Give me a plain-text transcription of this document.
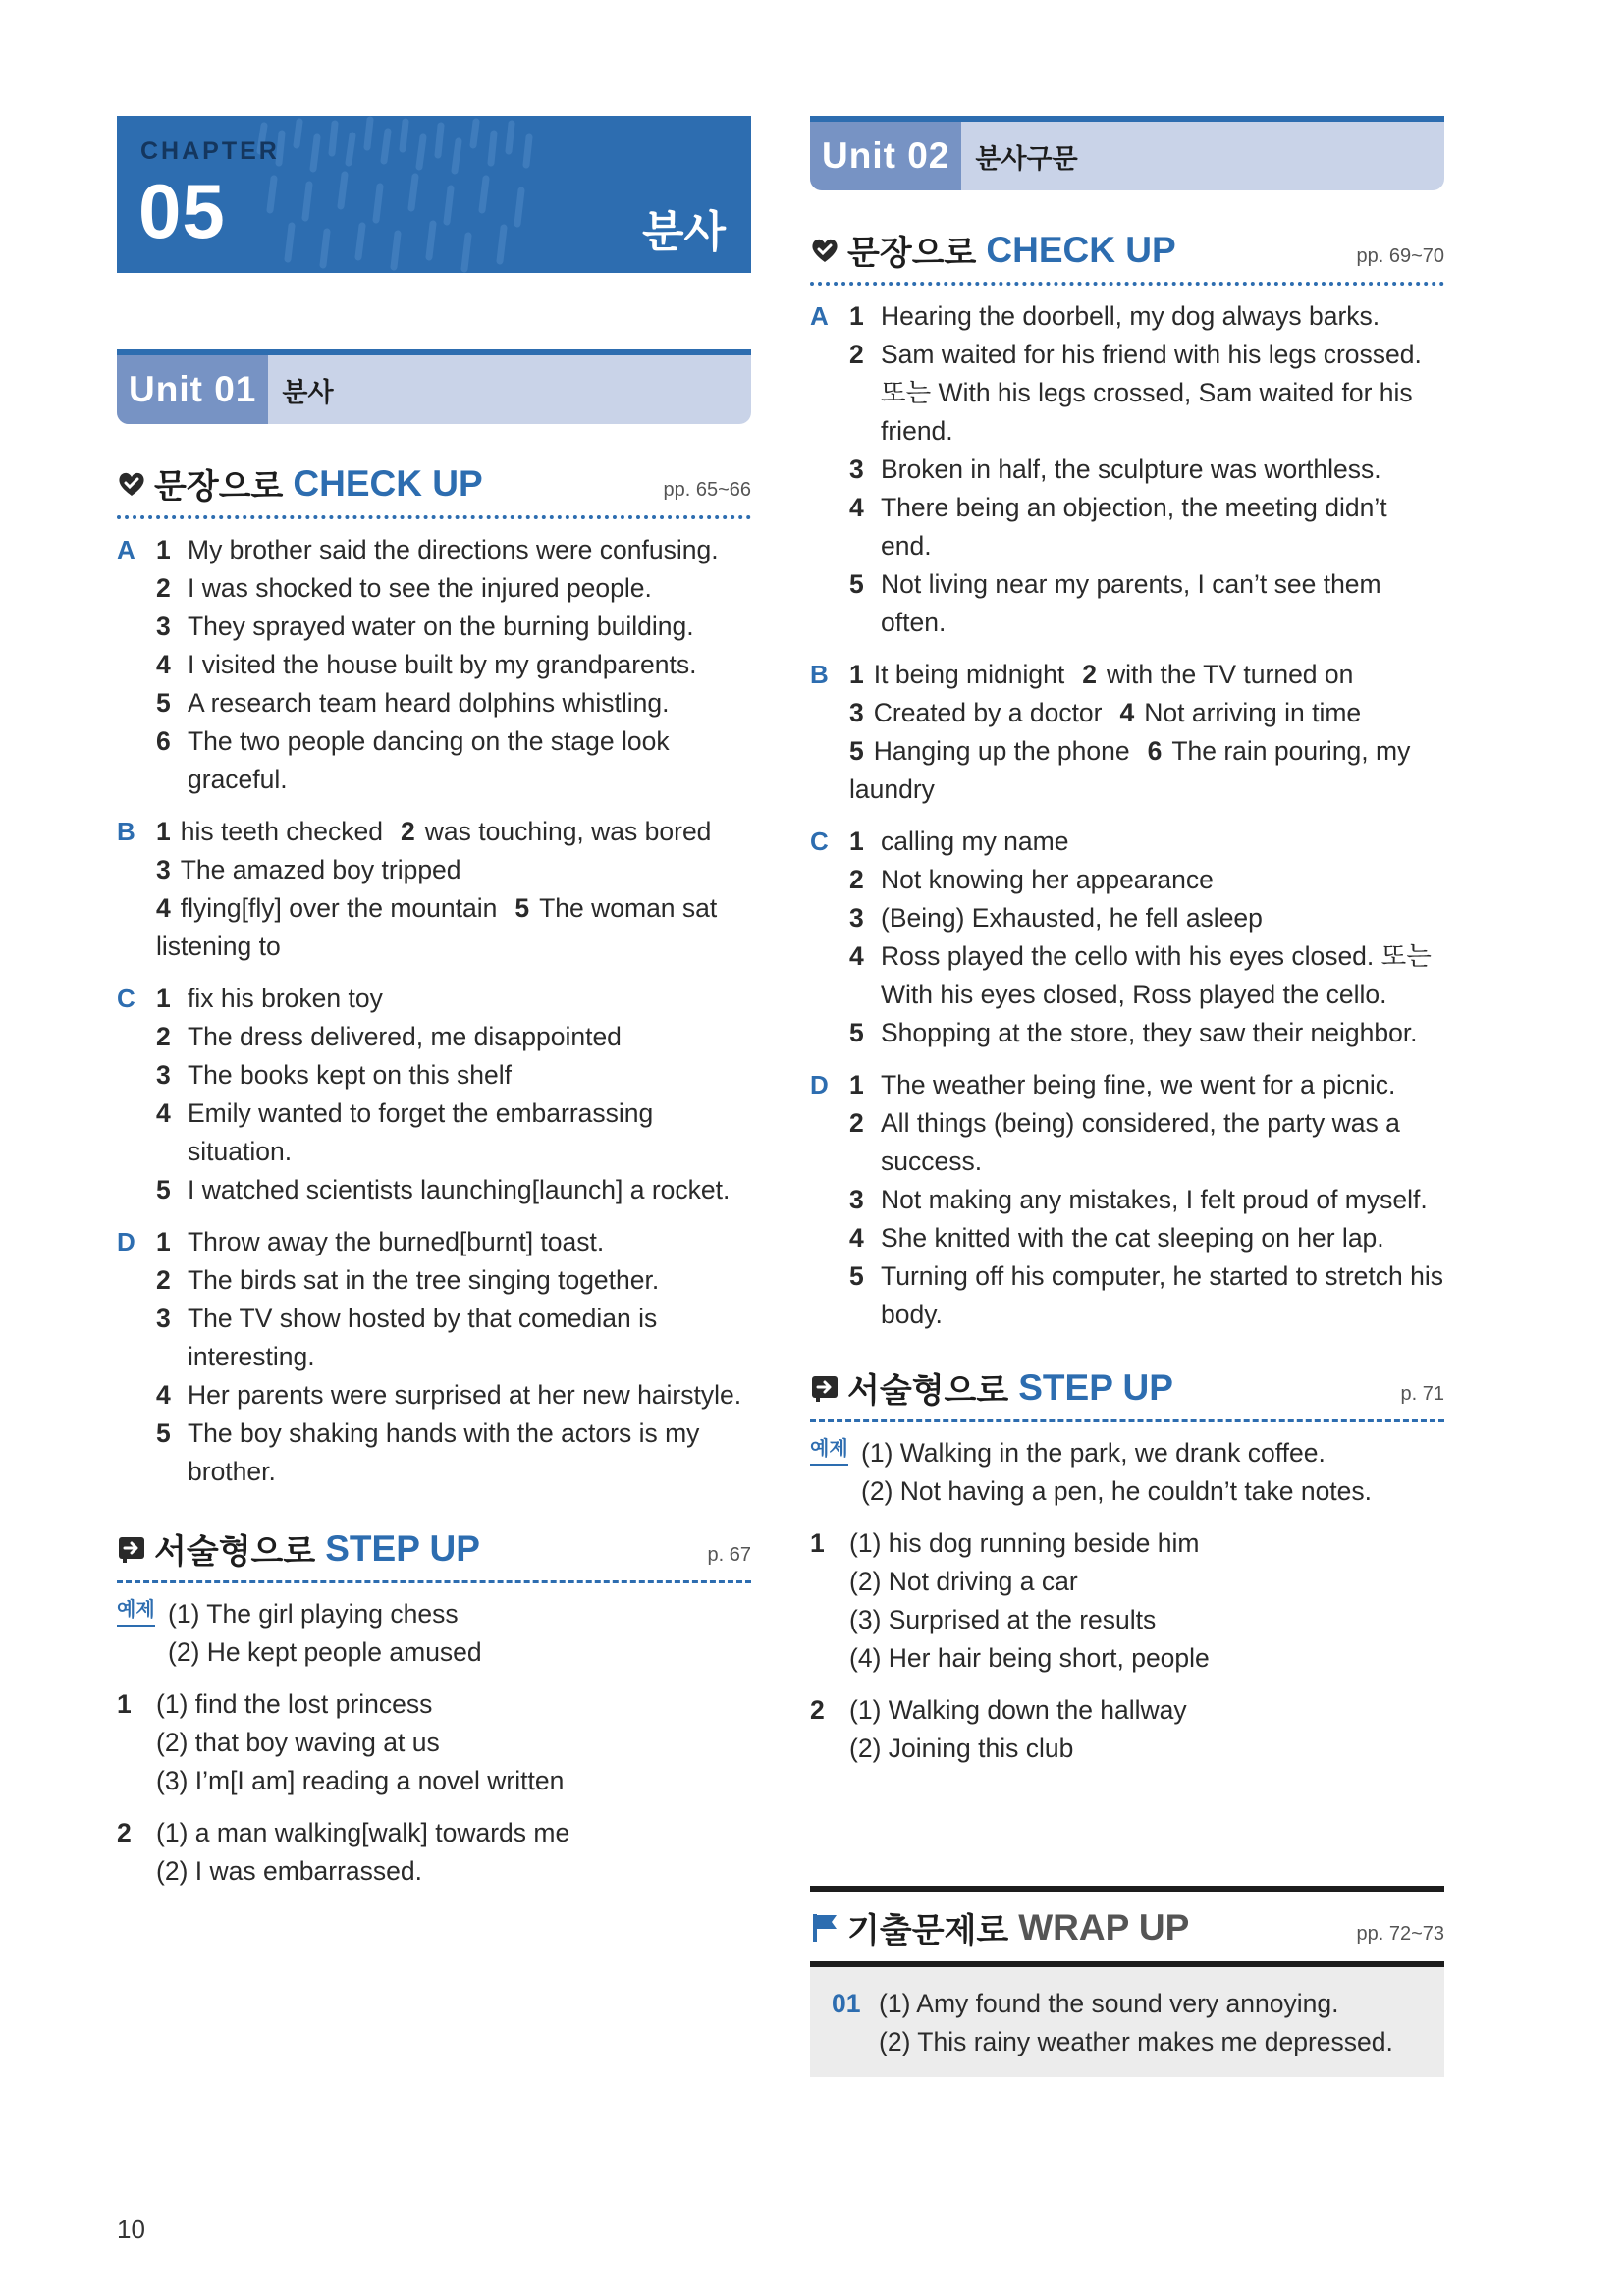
CHAPTER
05	분사
Unit 01 분사
문장으로 CHECK UP	pp. 65~66
A 1 My brother said the directions were confusing.
2 I was shocked to see the injured people.
3 They sprayed water on the burning building.
4 I visited the house built by my grandparents.
5 A research team heard dolphins whistling.
6 The two people dancing on the stage look graceful.
B 1 his teeth checked 2 was touching, was bored3 The amazed boy tripped
4 flying[fly] over the mountain 5 The woman sat listening to
C 1 fix his broken toy
2 The dress delivered, me disappointed
3 The books kept on this shelf
4 Emily wanted to forget the embarrassing situation.
5 I watched scientists launching[launch] a rocket.
D 1 Throw away the burned[burnt] toast.
2 The birds sat in the tree singing together.
3 The TV show hosted by that comedian is interesting.
4 Her parents were surprised at her new hairstyle.
5 The boy shaking hands with the actors is my brother.
서술형으로 STEP UP	p. 67
예제 (1) The girl playing chess
(2) He kept people amused
1 (1) find the lost princess
(2) that boy waving at us
(3) I’m[I am] reading a novel written
2 (1) a man walking[walk] towards me
(2) I was embarrassed.
Unit 02 분사구문
문장으로 CHECK UP	pp. 69~70
A 1 Hearing the doorbell, my dog always barks.
2 Sam waited for his friend with his legs crossed. 또는 With his legs crossed, Sam waited for his friend.
3 Broken in half, the sculpture was worthless.
4 There being an objection, the meeting didn’t end.
5 Not living near my parents, I can’t see them often.
B 1 It being midnight 2 with the TV turned on
3 Created by a doctor 4 Not arriving in time
5 Hanging up the phone 6 The rain pouring, my laundry
C 1 calling my name
2 Not knowing her appearance
3 (Being) Exhausted, he fell asleep
4 Ross played the cello with his eyes closed. 또는 With his eyes closed, Ross played the cello.
5 Shopping at the store, they saw their neighbor.
D 1 The weather being fine, we went for a picnic.
2 All things (being) considered, the party was a success.
3 Not making any mistakes, I felt proud of myself.
4 She knitted with the cat sleeping on her lap.
5 Turning off his computer, he started to stretch his body.
서술형으로 STEP UP	p. 71
예제 (1) Walking in the park, we drank coffee.
(2) Not having a pen, he couldn’t take notes.
1 (1) his dog running beside him
(2) Not driving a car
(3) Surprised at the results
(4) Her hair being short, people
2 (1) Walking down the hallway
(2) Joining this club
기출문제로 WRAP UP	pp. 72~73
01 (1) Amy found the sound very annoying.
(2) This rainy weather makes me depressed.
10
